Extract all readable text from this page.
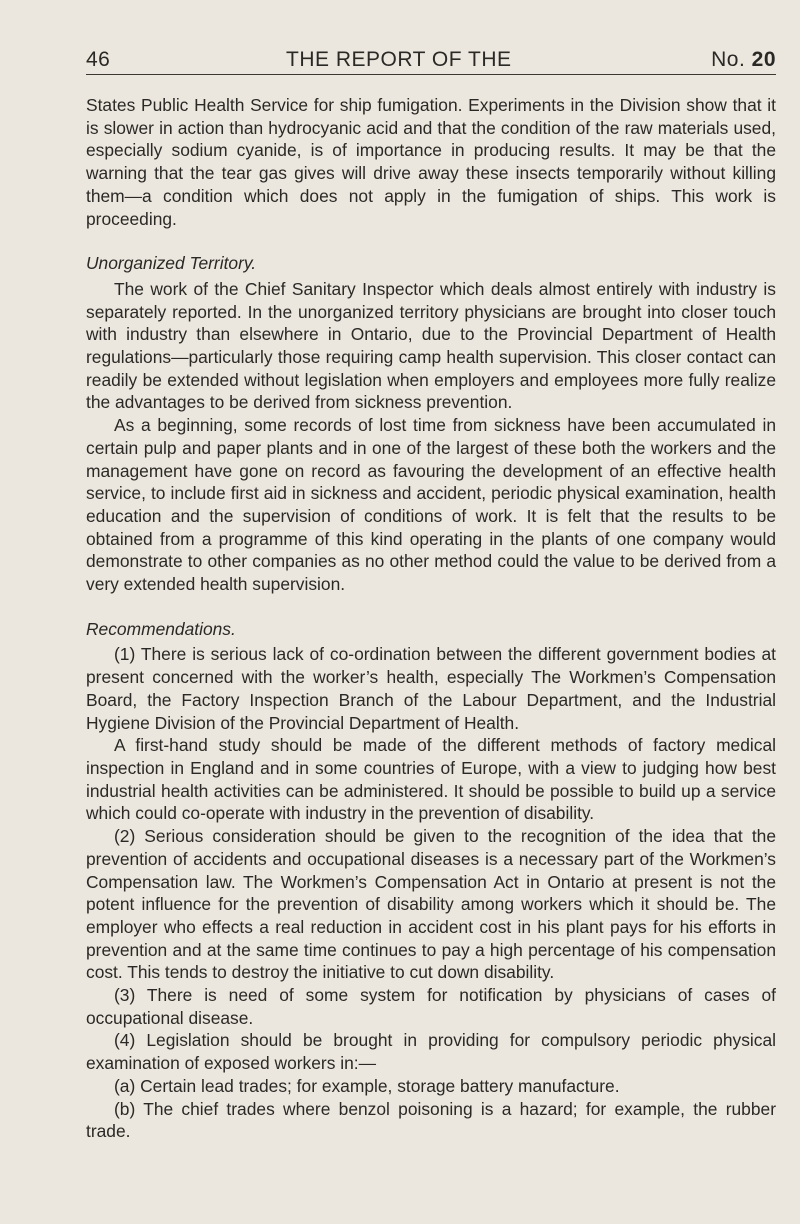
46	THE REPORT OF THE	No. 20

States Public Health Service for ship fumigation. Experiments in the Division show that it is slower in action than hydrocyanic acid and that the condition of the raw materials used, especially sodium cyanide, is of importance in producing results. It may be that the warning that the tear gas gives will drive away these insects temporarily without killing them—a condition which does not apply in the fumigation of ships. This work is proceeding.

Unorganized Territory.

The work of the Chief Sanitary Inspector which deals almost entirely with industry is separately reported. In the unorganized territory physicians are brought into closer touch with industry than elsewhere in Ontario, due to the Provincial Department of Health regulations—particularly those requiring camp health supervision. This closer contact can readily be extended without legislation when employers and employees more fully realize the advantages to be derived from sickness prevention.

As a beginning, some records of lost time from sickness have been accumulated in certain pulp and paper plants and in one of the largest of these both the workers and the management have gone on record as favouring the development of an effective health service, to include first aid in sickness and accident, periodic physical examination, health education and the supervision of conditions of work. It is felt that the results to be obtained from a programme of this kind operating in the plants of one company would demonstrate to other companies as no other method could the value to be derived from a very extended health supervision.

Recommendations.

(1) There is serious lack of co-ordination between the different government bodies at present concerned with the worker’s health, especially The Workmen’s Compensation Board, the Factory Inspection Branch of the Labour Department, and the Industrial Hygiene Division of the Provincial Department of Health.

A first-hand study should be made of the different methods of factory medical inspection in England and in some countries of Europe, with a view to judging how best industrial health activities can be administered. It should be possible to build up a service which could co-operate with industry in the prevention of disability.

(2) Serious consideration should be given to the recognition of the idea that the prevention of accidents and occupational diseases is a necessary part of the Workmen’s Compensation law. The Workmen’s Compensation Act in Ontario at present is not the potent influence for the prevention of disability among workers which it should be. The employer who effects a real reduction in accident cost in his plant pays for his efforts in prevention and at the same time continues to pay a high percentage of his compensation cost. This tends to destroy the initiative to cut down disability.

(3) There is need of some system for notification by physicians of cases of occupational disease.

(4) Legislation should be brought in providing for compulsory periodic physical examination of exposed workers in:—

(a) Certain lead trades; for example, storage battery manufacture.

(b) The chief trades where benzol poisoning is a hazard; for example, the rubber trade.
